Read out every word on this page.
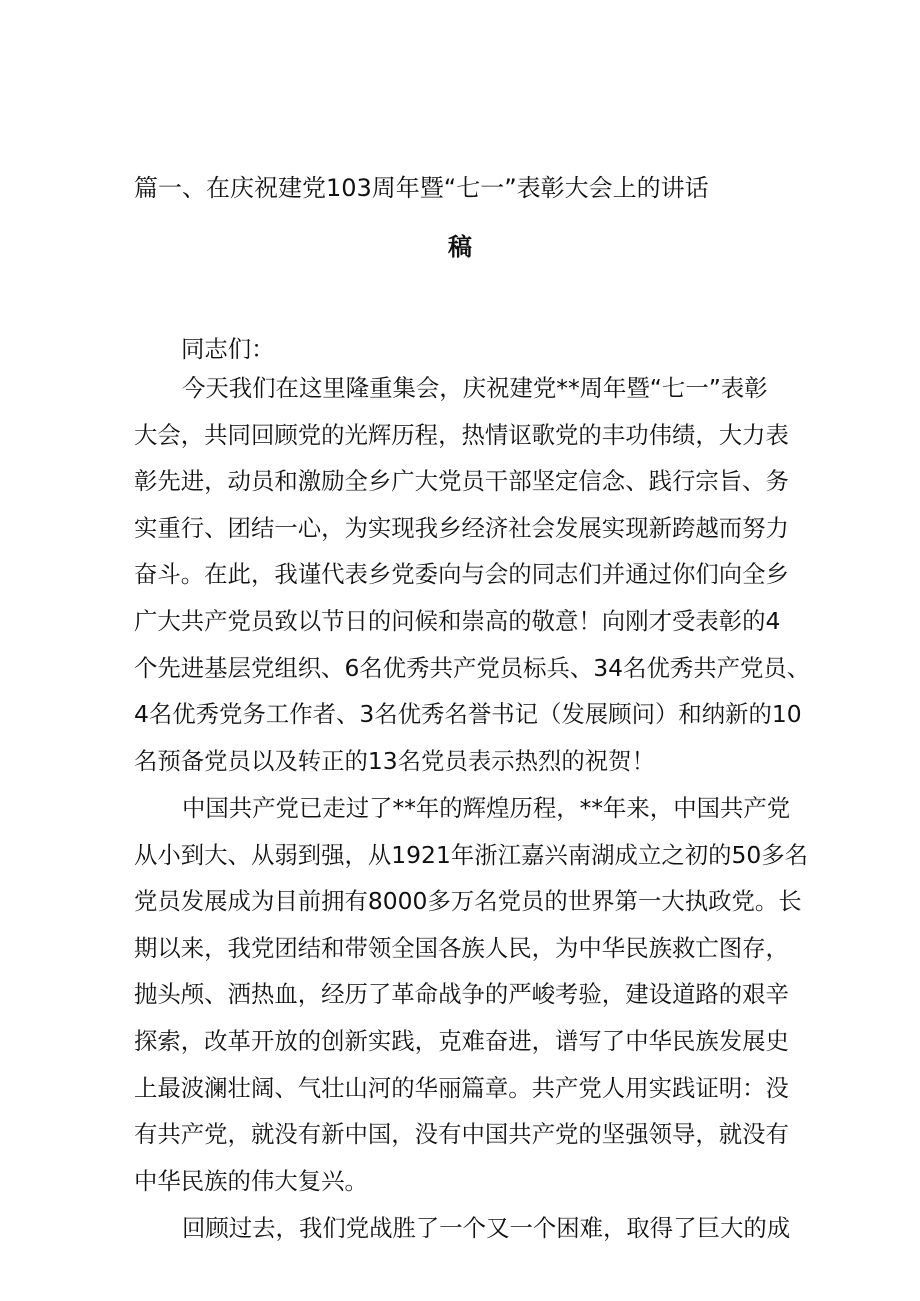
篇一、在庆祝建党103周年暨“七一”表彰大会上的讲话
稿
同志们：
今天我们在这里隆重集会，庆祝建党**周年暨“七一”表彰
大会，共同回顾党的光辉历程，热情讴歌党的丰功伟绩，大力表
彰先进，动员和激励全乡广大党员干部坚定信念、践行宗旨、务
实重行、团结一心，为实现我乡经济社会发展实现新跨越而努力
奋斗。在此，我谨代表乡党委向与会的同志们并通过你们向全乡
广大共产党员致以节日的问候和崇高的敬意！向刚才受表彰的4
个先进基层党组织、6名优秀共产党员标兵、34名优秀共产党员、
4名优秀党务工作者、3名优秀名誉书记（发展顾问）和纳新的10
名预备党员以及转正的13名党员表示热烈的祝贺！
中国共产党已走过了**年的辉煌历程，**年来，中国共产党
从小到大、从弱到强，从1921年浙江嘉兴南湖成立之初的50多名
党员发展成为目前拥有8000多万名党员的世界第一大执政党。长
期以来，我党团结和带领全国各族人民，为中华民族救亡图存，
抛头颅、洒热血，经历了革命战争的严峻考验，建设道路的艰辛
探索，改革开放的创新实践，克难奋进，谱写了中华民族发展史
上最波澜壮阔、气壮山河的华丽篇章。共产党人用实践证明：没
有共产党，就没有新中国，没有中国共产党的坚强领导，就没有
中华民族的伟大复兴。
回顾过去，我们党战胜了一个又一个困难，取得了巨大的成
